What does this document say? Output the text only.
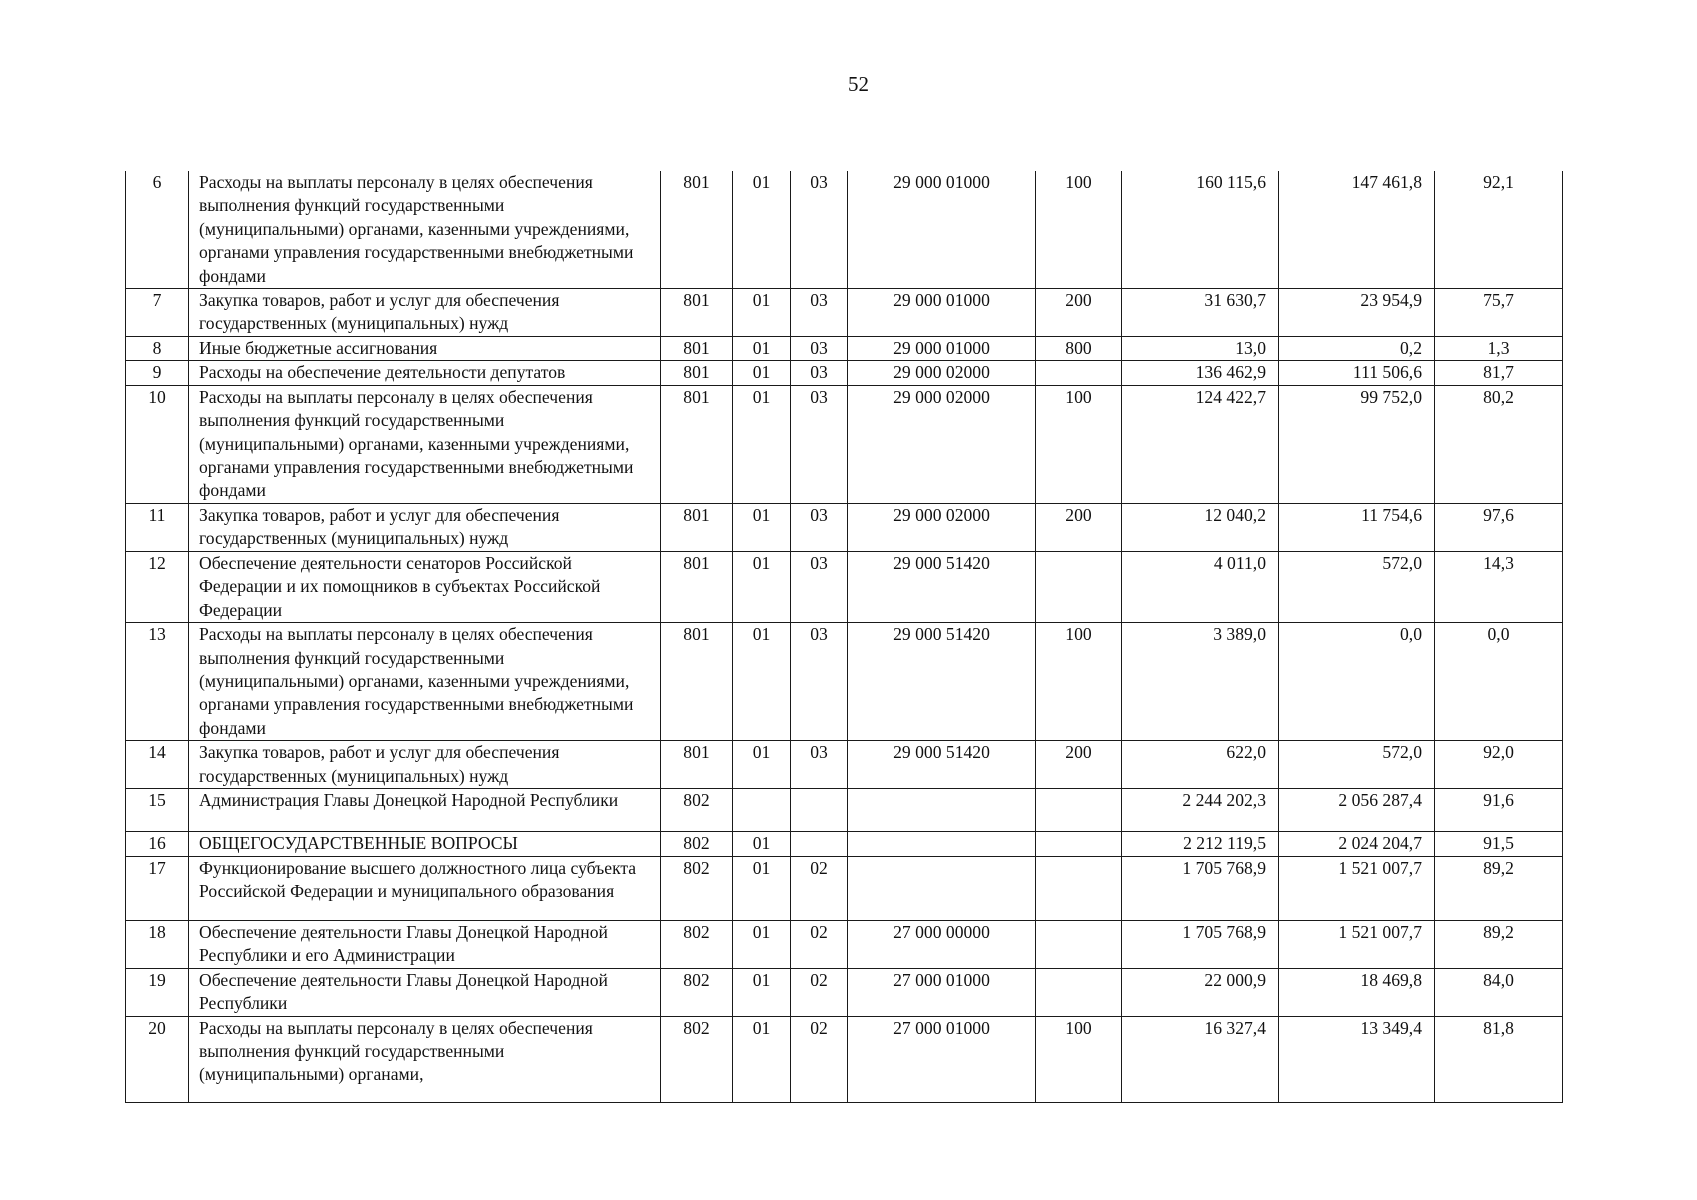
52
6	Расходы на выплаты персоналу в целях обеспечения выполнения функций государственными (муниципальными) органами, казенными учреждениями, органами управления государственными внебюджетными фондами	801	01	03	29 000 01000	100	160 115,6	147 461,8	92,1
7	Закупка товаров, работ и услуг для обеспечения государственных (муниципальных) нужд	801	01	03	29 000 01000	200	31 630,7	23 954,9	75,7
8	Иные бюджетные ассигнования	801	01	03	29 000 01000	800	13,0	0,2	1,3
9	Расходы на обеспечение деятельности депутатов	801	01	03	29 000 02000		136 462,9	111 506,6	81,7
10	Расходы на выплаты персоналу в целях обеспечения выполнения функций государственными (муниципальными) органами, казенными учреждениями, органами управления государственными внебюджетными фондами	801	01	03	29 000 02000	100	124 422,7	99 752,0	80,2
11	Закупка товаров, работ и услуг для обеспечения государственных (муниципальных) нужд	801	01	03	29 000 02000	200	12 040,2	11 754,6	97,6
12	Обеспечение деятельности сенаторов Российской Федерации и их помощников в субъектах Российской Федерации	801	01	03	29 000 51420		4 011,0	572,0	14,3
13	Расходы на выплаты персоналу в целях обеспечения выполнения функций государственными (муниципальными) органами, казенными учреждениями, органами управления государственными внебюджетными фондами	801	01	03	29 000 51420	100	3 389,0	0,0	0,0
14	Закупка товаров, работ и услуг для обеспечения государственных (муниципальных) нужд	801	01	03	29 000 51420	200	622,0	572,0	92,0
15	Администрация Главы Донецкой Народной Республики	802					2 244 202,3	2 056 287,4	91,6
16	ОБЩЕГОСУДАРСТВЕННЫЕ ВОПРОСЫ	802	01				2 212 119,5	2 024 204,7	91,5
17	Функционирование высшего должностного лица субъекта Российской Федерации и муниципального образования	802	01	02			1 705 768,9	1 521 007,7	89,2
18	Обеспечение деятельности Главы Донецкой Народной Республики и его Администрации	802	01	02	27 000 00000		1 705 768,9	1 521 007,7	89,2
19	Обеспечение деятельности Главы Донецкой Народной Республики	802	01	02	27 000 01000		22 000,9	18 469,8	84,0
20	Расходы на выплаты персоналу в целях обеспечения выполнения функций государственными (муниципальными) органами,	802	01	02	27 000 01000	100	16 327,4	13 349,4	81,8
